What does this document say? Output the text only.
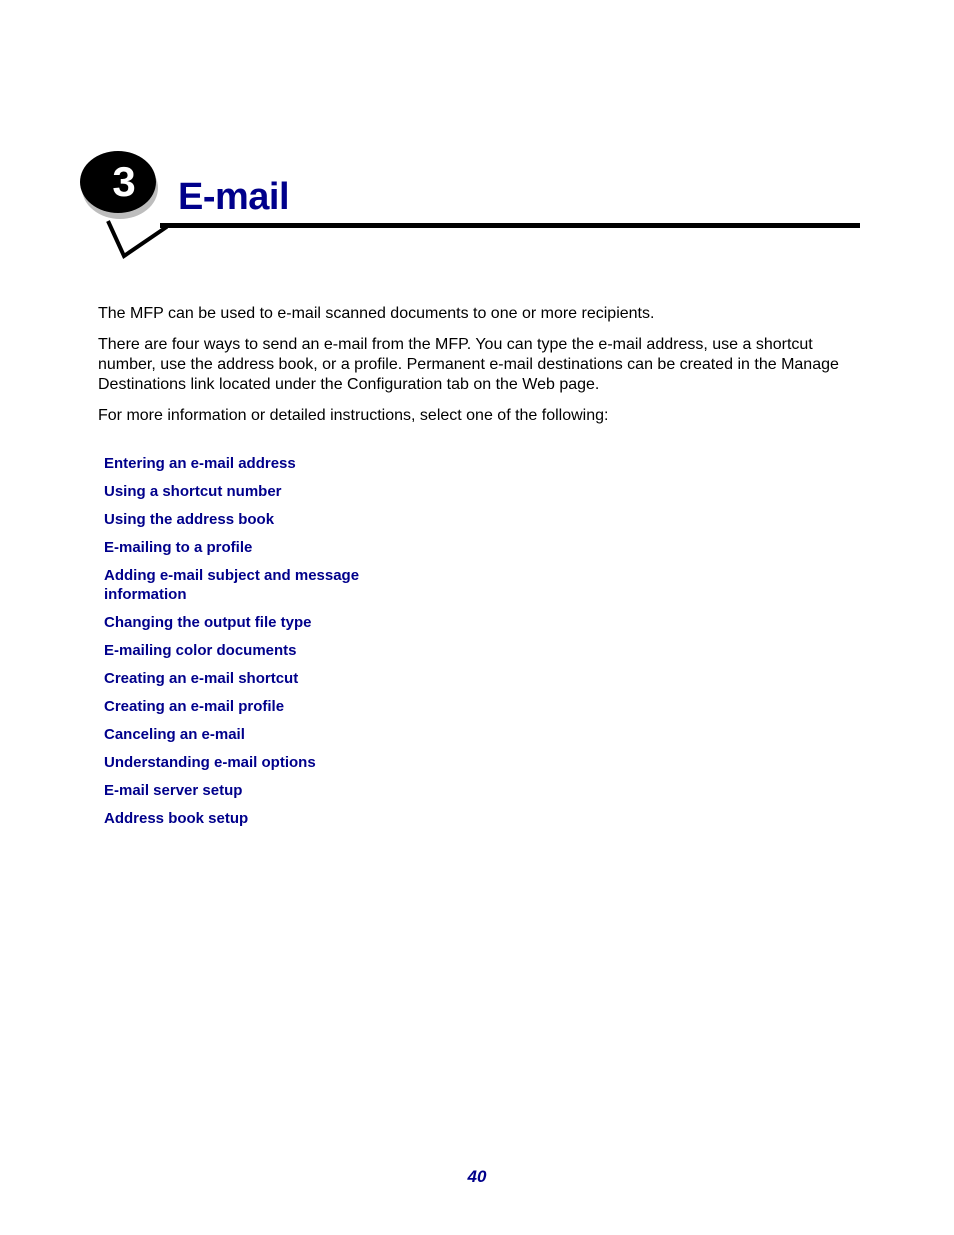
3 E-mail

The MFP can be used to e-mail scanned documents to one or more recipients.

There are four ways to send an e-mail from the MFP. You can type the e-mail address, use a shortcut number, use the address book, or a profile. Permanent e-mail destinations can be created in the Manage Destinations link located under the Configuration tab on the Web page.

For more information or detailed instructions, select one of the following:

Entering an e-mail address
Using a shortcut number
Using the address book
E-mailing to a profile
Adding e-mail subject and message information
Changing the output file type
E-mailing color documents
Creating an e-mail shortcut
Creating an e-mail profile
Canceling an e-mail
Understanding e-mail options
E-mail server setup
Address book setup
40
